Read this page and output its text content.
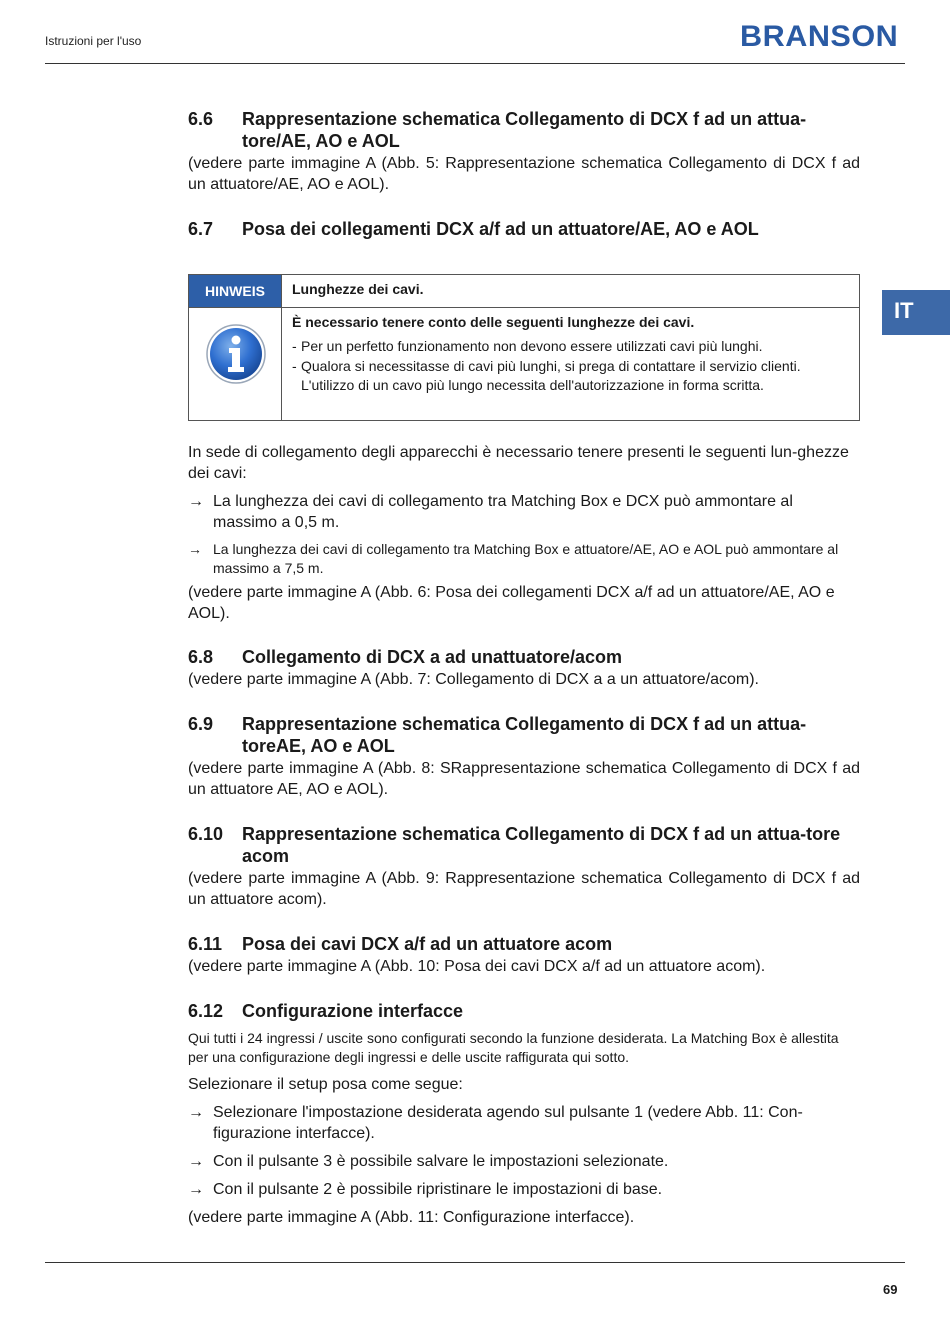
Istruzioni per l'uso	BRANSON
IT
6.6 Rappresentazione schematica Collegamento di DCX f ad un attua-tore/AE, AO e AOL
(vedere parte immagine A (Abb. 5: Rappresentazione schematica Collegamento di DCX f ad un attuatore/AE, AO e AOL).
6.7 Posa dei collegamenti DCX a/f ad un attuatore/AE, AO e AOL
In sede di collegamento degli apparecchi è necessario tenere presenti le seguenti lun-ghezze dei cavi:
→ La lunghezza dei cavi di collegamento tra Matching Box e DCX può ammontare al massimo a 0,5 m.
→ La lunghezza dei cavi di collegamento tra Matching Box e attuatore/AE, AO e AOL può ammontare al massimo a 7,5 m.
(vedere parte immagine A (Abb. 6: Posa dei collegamenti DCX a/f ad un attuatore/AE, AO e AOL).
6.8 Collegamento di DCX a ad unattuatore/acom
(vedere parte immagine A (Abb. 7: Collegamento di DCX a a un attuatore/acom).
6.9 Rappresentazione schematica Collegamento di DCX f ad un attua-toreAE, AO e AOL
(vedere parte immagine A (Abb. 8: SRappresentazione schematica Collegamento di DCX f ad un attuatore AE, AO e AOL).
6.10 Rappresentazione schematica Collegamento di DCX f ad un attua-tore acom
(vedere parte immagine A (Abb. 9: Rappresentazione schematica Collegamento di DCX f ad un attuatore acom).
6.11 Posa dei cavi DCX a/f ad un attuatore acom
(vedere parte immagine A (Abb. 10: Posa dei cavi DCX a/f ad un attuatore acom).
6.12 Configurazione interfacce
Qui tutti i 24 ingressi / uscite sono configurati secondo la funzione desiderata. La Matching Box è allestita per una configurazione degli ingressi e delle uscite raffigurata qui sotto.
Selezionare il setup posa come segue:
→ Selezionare l'impostazione desiderata agendo sul pulsante 1 (vedere Abb. 11: Con-figurazione interfacce).
→ Con il pulsante 3 è possibile salvare le impostazioni selezionate.
→ Con il pulsante 2 è possibile ripristinare le impostazioni di base.
(vedere parte immagine A (Abb. 11: Configurazione interfacce).
HINWEIS	Lunghezze dei cavi.
È necessario tenere conto delle seguenti lunghezze dei cavi.
- Per un perfetto funzionamento non devono essere utilizzati cavi più lunghi.
- Qualora si necessitasse di cavi più lunghi, si prega di contattare il servizio clienti. L'utilizzo di un cavo più lungo necessita dell'autorizzazione in forma scritta.
69
